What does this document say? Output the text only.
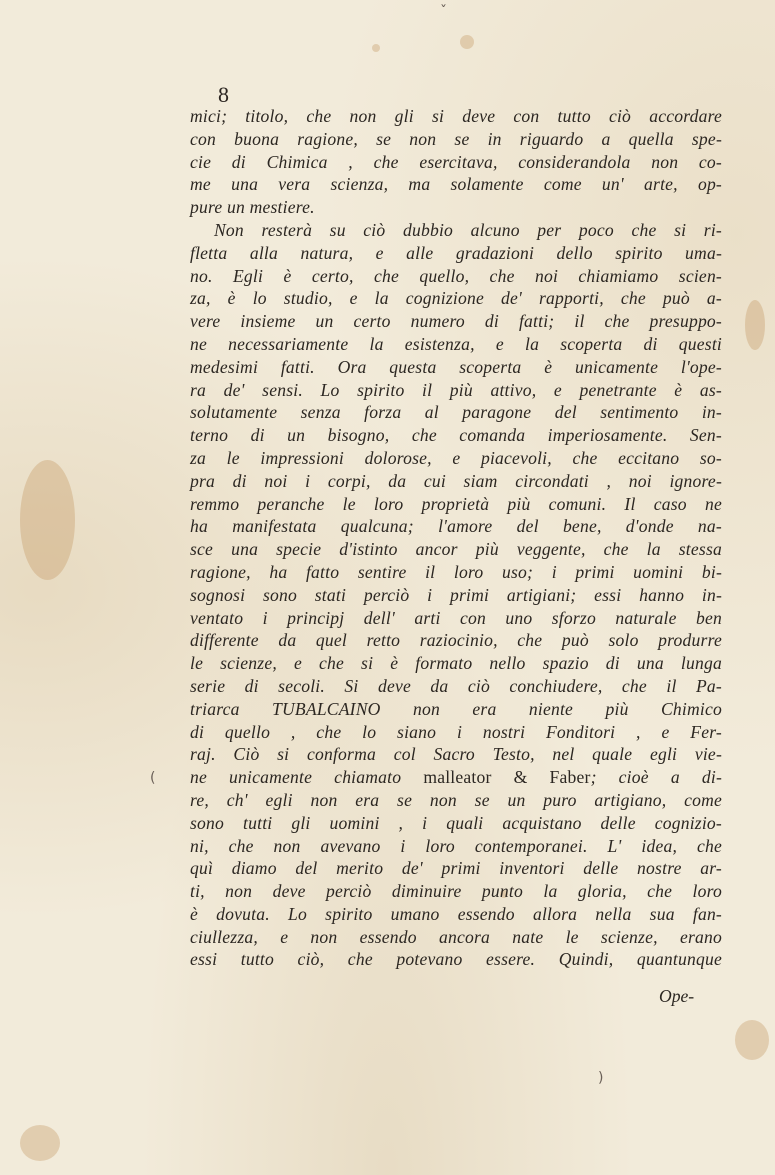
ˇ
(
)
8
mici; titolo, che non gli si deve con tutto ciò accordare
con buona ragione, se non se in riguardo a quella spe-
cie di Chimica , che esercitava, considerandola non co-
me una vera scienza, ma solamente come un' arte, op-
pure un mestiere.
Non resterà su ciò dubbio alcuno per poco che si ri-
fletta alla natura, e alle gradazioni dello spirito uma-
no. Egli è certo, che quello, che noi chiamiamo scien-
za, è lo studio, e la cognizione de' rapporti, che può a-
vere insieme un certo numero di fatti; il che presuppo-
ne necessariamente la esistenza, e la scoperta di questi
medesimi fatti. Ora questa scoperta è unicamente l'ope-
ra de' sensi. Lo spirito il più attivo, e penetrante è as-
solutamente senza forza al paragone del sentimento in-
terno di un bisogno, che comanda imperiosamente. Sen-
za le impressioni dolorose, e piacevoli, che eccitano so-
pra di noi i corpi, da cui siam circondati , noi ignore-
remmo peranche le loro proprietà più comuni. Il caso ne
ha manifestata qualcuna; l'amore del bene, d'onde na-
sce una specie d'istinto ancor più veggente, che la stessa
ragione, ha fatto sentire il loro uso; i primi uomini bi-
sognosi sono stati perciò i primi artigiani; essi hanno in-
ventato i principj dell' arti con uno sforzo naturale ben
differente da quel retto raziocinio, che può solo produrre
le scienze, e che si è formato nello spazio di una lunga
serie di secoli. Si deve da ciò conchiudere, che il Pa-
triarca TUBALCAINO non era niente più Chimico
di quello , che lo siano i nostri Fonditori , e Fer-
raj. Ciò si conforma col Sacro Testo, nel quale egli vie-
ne unicamente chiamato malleator & Faber; cioè a di-
re, ch' egli non era se non se un puro artigiano, come
sono tutti gli uomini , i quali acquistano delle cognizio-
ni, che non avevano i loro contemporanei. L' idea, che
quì diamo del merito de' primi inventori delle nostre ar-
ti, non deve perciò diminuire punto la gloria, che loro
è dovuta. Lo spirito umano essendo allora nella sua fan-
ciullezza, e non essendo ancora nate le scienze, erano
essi tutto ciò, che potevano essere. Quindi, quantunque
Ope-
